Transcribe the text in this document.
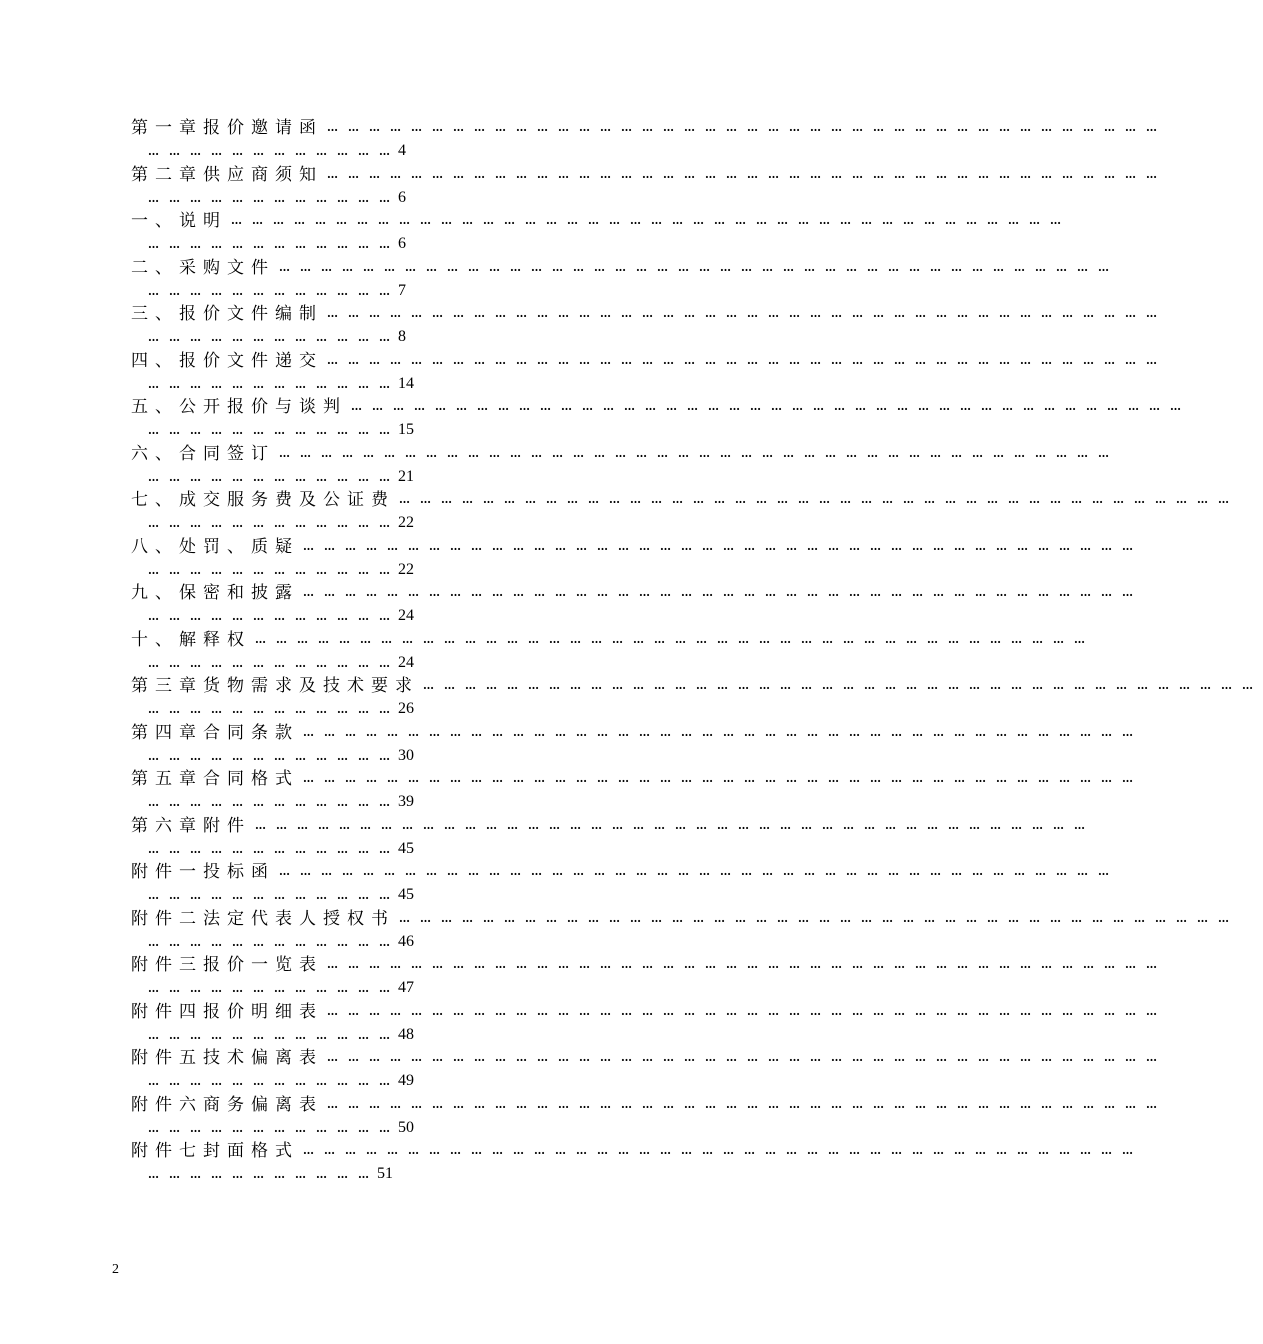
第一章 报价邀请函 …………………………………………………………………………………………………………
………………………………
4
第二章 供应商须知 …………………………………………………………………………………………………………
………………………………
6
一、 说明 …………………………………………………………………………………………………………
………………………………
6
二、 采购文件 …………………………………………………………………………………………………………
………………………………
7
三、 报价文件编制 …………………………………………………………………………………………………………
………………………………
8
四、 报价文件递交 …………………………………………………………………………………………………………
………………………………
14
五、 公开报价与谈判 …………………………………………………………………………………………………………
………………………………
15
六、 合同签订 …………………………………………………………………………………………………………
………………………………
21
七、 成交服务费及公证费 …………………………………………………………………………………………………………
………………………………
22
八、 处罚、质疑 …………………………………………………………………………………………………………
………………………………
22
九、 保密和披露 …………………………………………………………………………………………………………
………………………………
24
十、 解释权 …………………………………………………………………………………………………………
………………………………
24
第三章 货物需求及技术要求 …………………………………………………………………………………………………………
………………………………
26
第四章 合同条款 …………………………………………………………………………………………………………
………………………………
30
第五章 合同格式 …………………………………………………………………………………………………………
………………………………
39
第六章 附件 …………………………………………………………………………………………………………
………………………………
45
附件一 投标函 …………………………………………………………………………………………………………
………………………………
45
附件二 法定代表人授权书 …………………………………………………………………………………………………………
………………………………
46
附件三 报价一览表 …………………………………………………………………………………………………………
………………………………
47
附件四 报价明细表 …………………………………………………………………………………………………………
………………………………
48
附件五 技术偏离表 …………………………………………………………………………………………………………
………………………………
49
附件六 商务偏离表 …………………………………………………………………………………………………………
………………………………
50
附件七 封面格式 …………………………………………………………………………………………………………
……………………………
51
2
